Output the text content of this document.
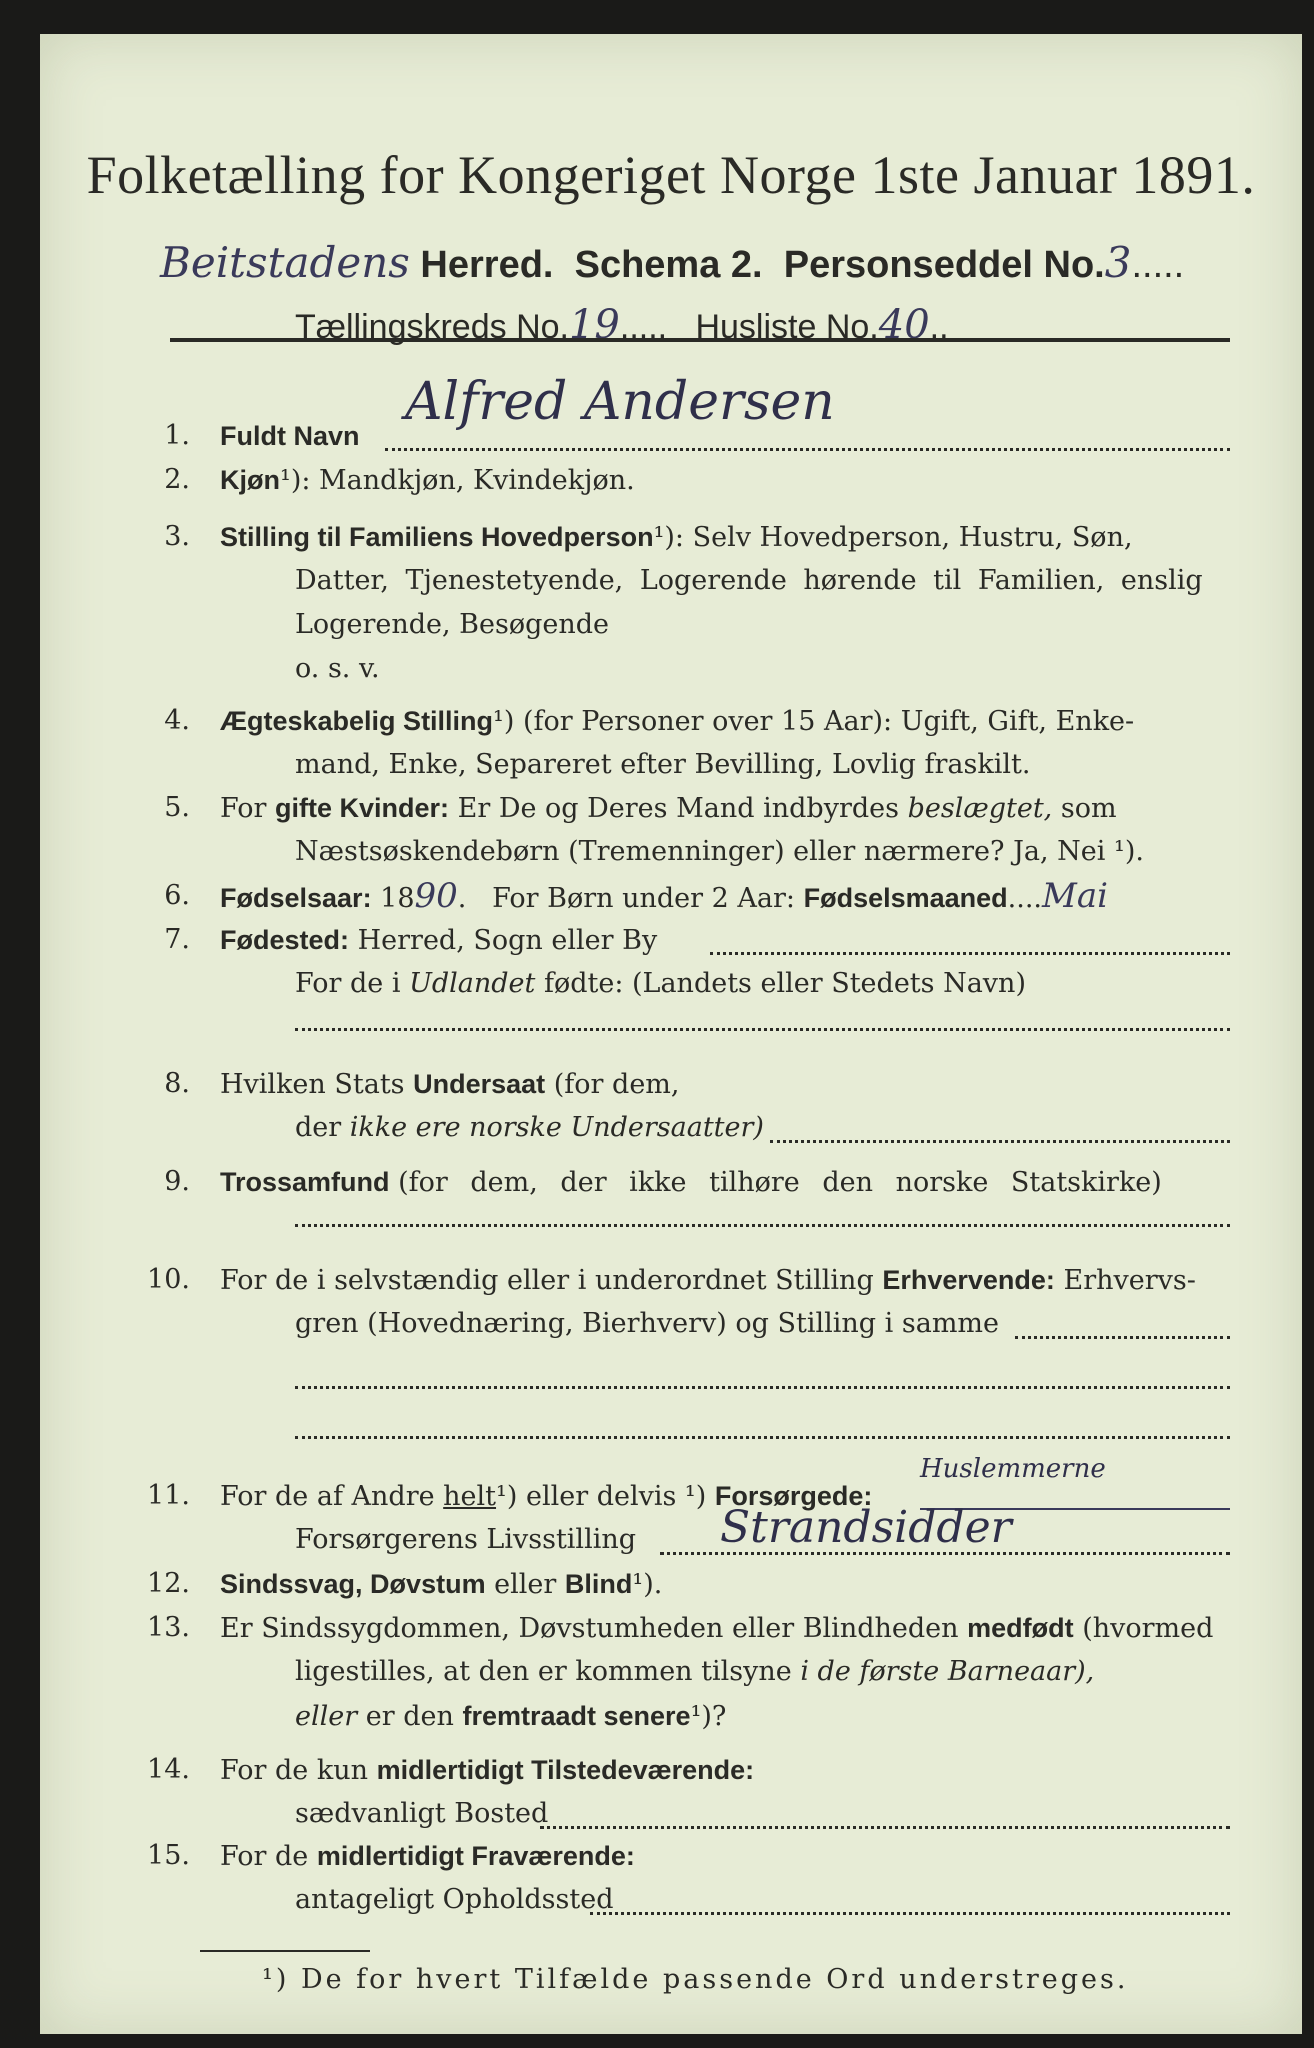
Folketælling for Kongeriget Norge 1ste Januar 1891.
Beitstadens Herred. Schema 2. Personseddel No.3.....
Tællingskreds No.19..... Husliste No.40..
1. Fuldt Navn
Alfred Andersen
2. Kjøn¹): Mandkjøn, Kvindekjøn.
3. Stilling til Familiens Hovedperson¹): Selv Hovedperson, Hustru, Søn,
Datter, Tjenestetyende, Logerende hørende til Familien, enslig
Logerende, Besøgende
o. s. v.
4. Ægteskabelig Stilling¹) (for Personer over 15 Aar): Ugift, Gift, Enke-
mand, Enke, Separeret efter Bevilling, Lovlig fraskilt.
5. For gifte Kvinder: Er De og Deres Mand indbyrdes beslægtet, som
Næstsøskendebørn (Tremenninger) eller nærmere? Ja, Nei ¹).
6. Fødselsaar: 1890. For Børn under 2 Aar: Fødselsmaaned....Mai
7. Fødested: Herred, Sogn eller By
For de i Udlandet fødte: (Landets eller Stedets Navn)
8. Hvilken Stats Undersaat (for dem,
der ikke ere norske Undersaatter)
9. Trossamfund (for dem, der ikke tilhøre den norske Statskirke)
10. For de i selvstændig eller i underordnet Stilling Erhvervende: Erhvervs-
gren (Hovednæring, Bierhverv) og Stilling i samme
11. For de af Andre helt¹) eller delvis ¹) Forsørgede:
Huslemmerne
Forsørgerens Livsstilling Strandsidder
12. Sindssvag, Døvstum eller Blind¹).
13. Er Sindssygdommen, Døvstumheden eller Blindheden medfødt (hvormed
ligestilles, at den er kommen tilsyne i de første Barneaar),
eller er den fremtraadt senere¹)?
14. For de kun midlertidigt Tilstedeværende:
sædvanligt Bosted
15. For de midlertidigt Fraværende:
antageligt Opholdssted
¹) De for hvert Tilfælde passende Ord understreges.
